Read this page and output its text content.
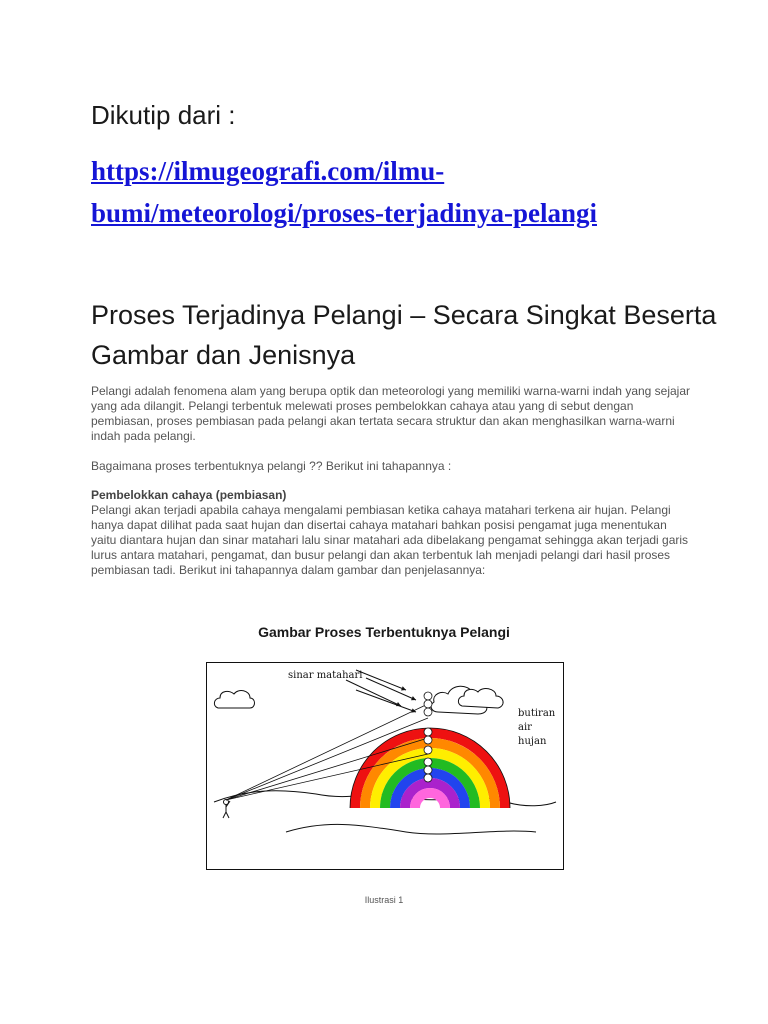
Dikutip dari :
https://ilmugeografi.com/ilmu-bumi/meteorologi/proses-terjadinya-pelangi
Proses Terjadinya Pelangi – Secara Singkat Beserta Gambar dan Jenisnya
Pelangi adalah fenomena alam yang berupa optik dan meteorologi yang memiliki warna-warni indah yang sejajar yang ada dilangit. Pelangi terbentuk melewati proses pembelokkan cahaya atau yang di sebut dengan pembiasan, proses pembiasan pada pelangi akan tertata secara struktur dan akan menghasilkan warna-warni indah pada pelangi.
Bagaimana proses terbentuknya pelangi ?? Berikut ini tahapannya :
Pembelokkan cahaya (pembiasan)
Pelangi akan terjadi apabila cahaya mengalami pembiasan ketika cahaya matahari terkena air hujan. Pelangi hanya dapat dilihat pada saat hujan dan disertai cahaya matahari bahkan posisi pengamat juga menentukan yaitu diantara hujan dan sinar matahari lalu sinar matahari ada dibelakang pengamat sehingga akan terjadi garis lurus antara matahari, pengamat, dan busur pelangi dan akan terbentuk lah menjadi pelangi dari hasil proses pembiasan tadi. Berikut ini tahapannya dalam gambar dan penjelasannya:
Gambar Proses Terbentuknya Pelangi
sinar matahari
butiran
air
hujan
Ilustrasi 1
